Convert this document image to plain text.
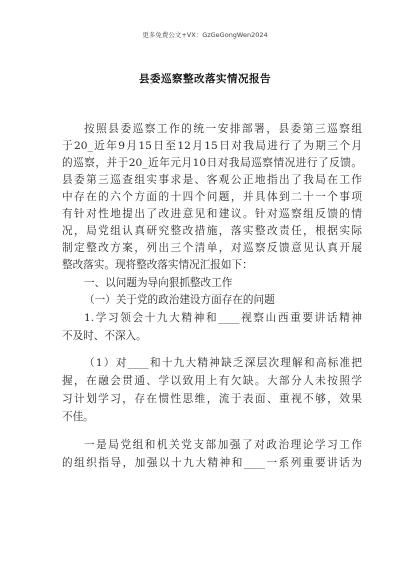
更多免费公文+VX：GzGeGongWen2024
县委巡察整改落实情况报告
按照县委巡察工作的统一安排部署，县委第三巡察组
于20_近年9月15日至12月15日对我局进行了为期三个月
的巡察，并于20_近年元月10日对我局巡察情况进行了反馈。
县委第三巡查组实事求是、客观公正地指出了我局在工作
中存在的六个方面的十四个问题，并具体到二十一个事项
有针对性地提出了改进意见和建议。针对巡察组反馈的情
况，局党组认真研究整改措施，落实整改责任，根据实际
制定整改方案，列出三个清单，对巡察反馈意见认真开展
整改落实。现将整改落实情况汇报如下：
一、以问题为导向狠抓整改工作
（一）关于党的政治建设方面存在的问题
1.学习领会十九大精神和____视察山西重要讲话精神
不及时、不深入。
（1）对____和十九大精神缺乏深层次理解和高标准把
握，在融会贯通、学以致用上有欠缺。大部分人未按照学
习计划学习，存在惯性思维，流于表面、重视不够，效果
不佳。
一是局党组和机关党支部加强了对政治理论学习工作
的组织指导，加强以十九大精神和____一系列重要讲话为
